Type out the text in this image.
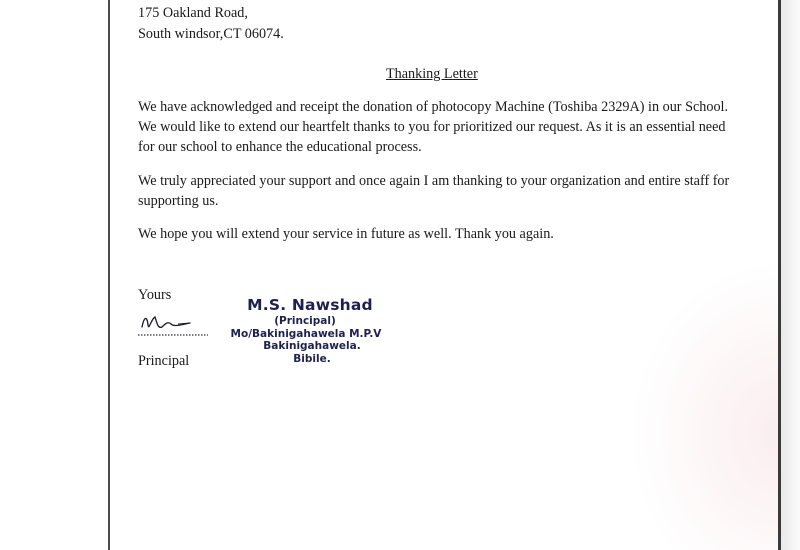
175 Oakland Road,
South windsor,CT 06074.
Thanking Letter

We have acknowledged and receipt the donation of photocopy Machine (Toshiba 2329A) in our School. We would like to extend our heartfelt thanks to you for prioritized our request. As it is an essential need for our school to enhance the educational process.

We truly appreciated your support and once again I am thanking to your organization and entire staff for supporting us.

We hope you will extend your service in future as well. Thank you again.

Yours
Principal
M.S. Nawshad
(Principal)
Mo/Bakinigahawela M.P.V
Bakinigahawela.
Bibile.
